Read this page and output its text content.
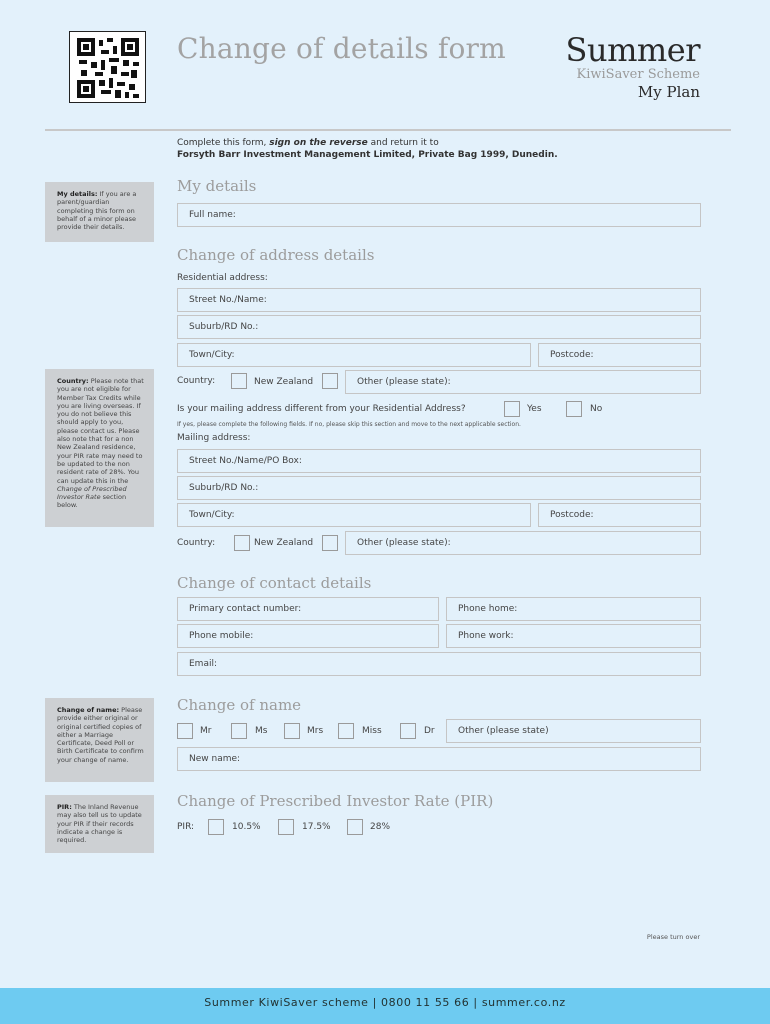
Change of details form Summer
KiwiSaver Scheme
My Plan
Complete this form, sign on the reverse and return it to
Forsyth Barr Investment Management Limited, Private Bag 1999, Dunedin.
My details: If you are a parent/guardian completing this form on behalf of a minor please provide their details.
Country: Please note that you are not eligible for Member Tax Credits while you are living overseas. If you do not believe this should apply to you, please contact us. Please also note that for a non New Zealand residence, your PIR rate may need to be updated to the non resident rate of 28%. You can update this in the Change of Prescribed Investor Rate section below.
Change of name: Please provide either original or original certified copies of either a Marriage Certificate, Deed Poll or Birth Certificate to confirm your change of name.
PIR: The Inland Revenue may also tell us to update your PIR if their records indicate a change is required.
My details
Full name:
Change of address details
Residential address:
Street No./Name:
Suburb/RD No.:
Town/City:	Postcode:
Country:	New Zealand	Other (please state):
Is your mailing address different from your Residential Address?	Yes	No
If yes, please complete the following fields. If no, please skip this section and move to the next applicable section.
Mailing address:
Street No./Name/PO Box:
Suburb/RD No.:
Town/City:	Postcode:
Country:	New Zealand	Other (please state):
Change of contact details
Primary contact number:	Phone home:
Phone mobile:	Phone work:
Email:
Change of name
Mr	Ms	Mrs	Miss	Dr	Other (please state)
New name:
Change of Prescribed Investor Rate (PIR)
PIR:	10.5%	17.5%	28%
Please turn over
Summer KiwiSaver scheme | 0800 11 55 66 | summer.co.nz
